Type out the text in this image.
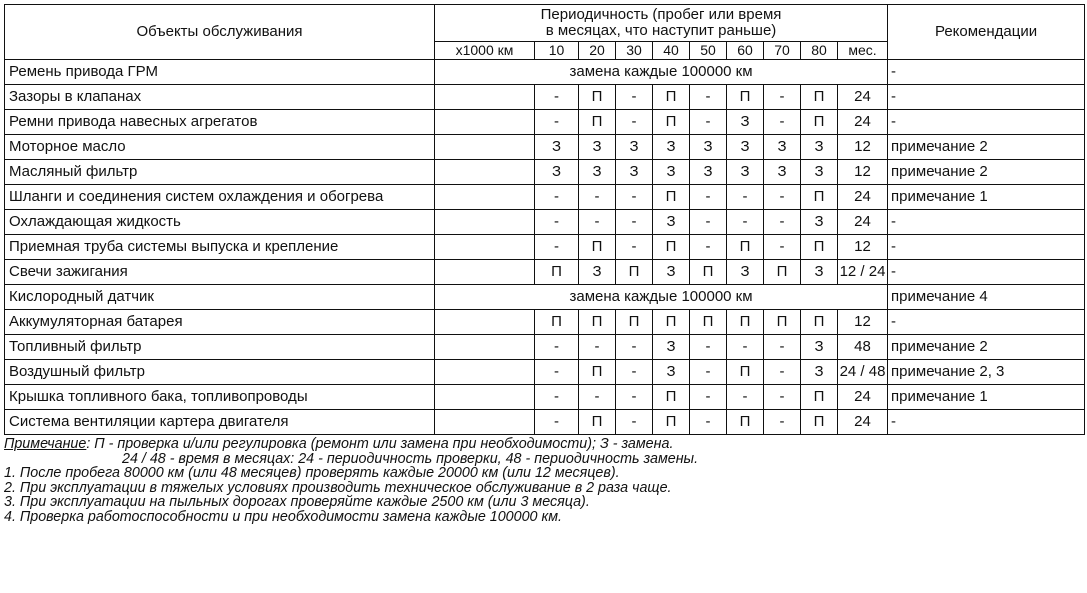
Объекты обслуживания	Периодичность (пробег или время
в месяцах, что наступит раньше)										Рекомендации
	x1000 км	10	20	30	40	50	60	70	80	мес.	
Ремень привода ГРМ	замена каждые 100000 км										-
Зазоры в клапанах		-	П	-	П	-	П	-	П	24	-
Ремни привода навесных агрегатов		-	П	-	П	-	З	-	П	24	-
Моторное масло		З	З	З	З	З	З	З	З	12	примечание 2
Масляный фильтр		З	З	З	З	З	З	З	З	12	примечание 2
Шланги и соединения систем охлаждения и обогрева		-	-	-	П	-	-	-	П	24	примечание 1
Охлаждающая жидкость		-	-	-	З	-	-	-	З	24	-
Приемная труба системы выпуска и крепление		-	П	-	П	-	П	-	П	12	-
Свечи зажигания		П	З	П	З	П	З	П	З	12 / 24	-
Кислородный датчик	замена каждые 100000 км										примечание 4
Аккумуляторная батарея		П	П	П	П	П	П	П	П	12	-
Топливный фильтр		-	-	-	З	-	-	-	З	48	примечание 2
Воздушный фильтр		-	П	-	З	-	П	-	З	24 / 48	примечание 2, 3
Крышка топливного бака, топливопроводы		-	-	-	П	-	-	-	П	24	примечание 1
Система вентиляции картера двигателя		-	П	-	П	-	П	-	П	24	-
Примечание: П - проверка и/или регулировка (ремонт или замена при необходимости); З - замена.
24 / 48 - время в месяцах: 24 - периодичность проверки, 48 - периодичность замены.
1. После пробега 80000 км (или 48 месяцев) проверять каждые 20000 км (или 12 месяцев).
2. При эксплуатации в тяжелых условиях производить техническое обслуживание в 2 раза чаще.
3. При эксплуатации на пыльных дорогах проверяйте каждые 2500 км (или 3 месяца).
4. Проверка работоспособности и при необходимости замена каждые 100000 км.
